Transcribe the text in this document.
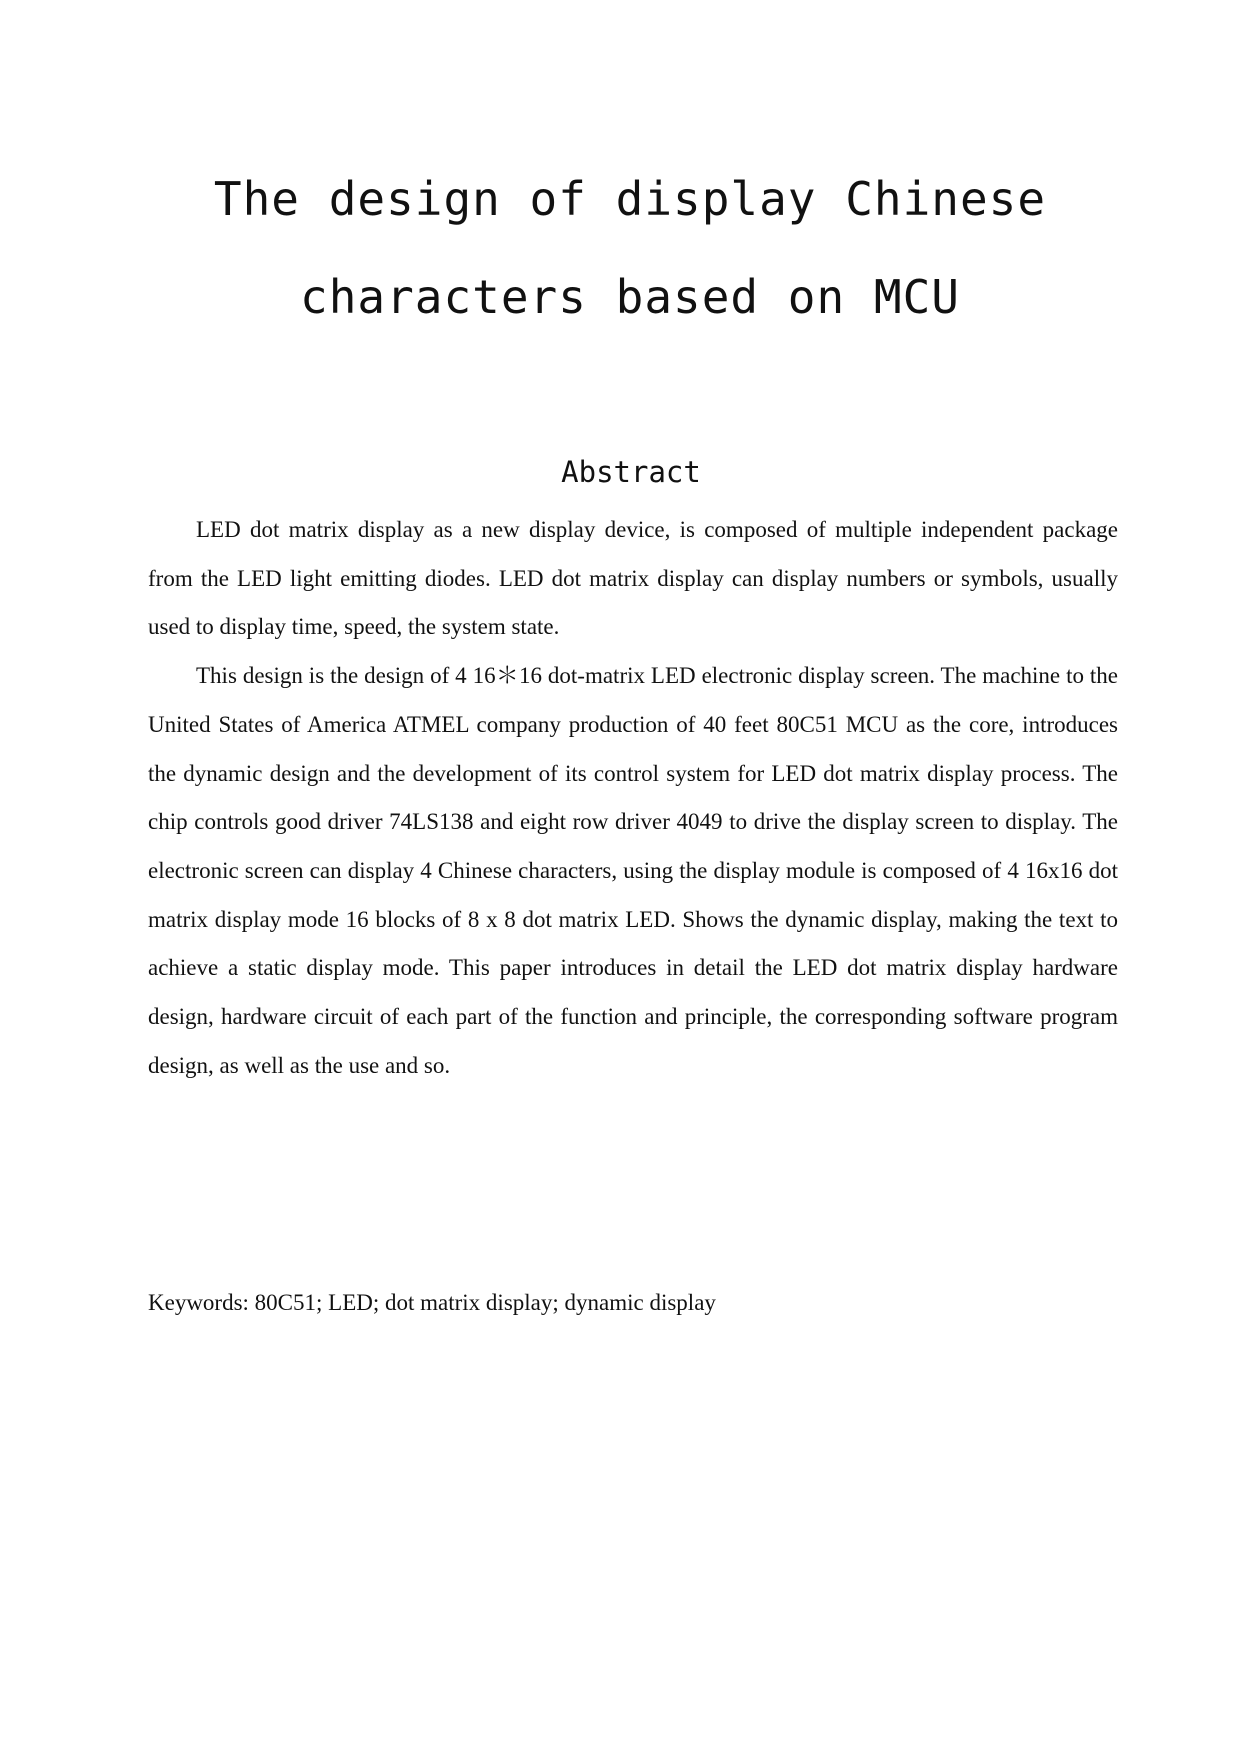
The design of display Chinese
characters based on MCU
Abstract

LED dot matrix display as a new display device, is composed of multiple independent package from the LED light emitting diodes. LED dot matrix display can display numbers or symbols, usually used to display time, speed, the system state.

This design is the design of 4 16＊16 dot-matrix LED electronic display screen. The machine to the United States of America ATMEL company production of 40 feet 80C51 MCU as the core, introduces the dynamic design and the development of its control system for LED dot matrix display process. The chip controls good driver 74LS138 and eight row driver 4049 to drive the display screen to display. The electronic screen can display 4 Chinese characters, using the display module is composed of 4 16x16 dot matrix display mode 16 blocks of 8 x 8 dot matrix LED. Shows the dynamic display, making the text to achieve a static display mode. This paper introduces in detail the LED dot matrix display hardware design, hardware circuit of each part of the function and principle, the corresponding software program design, as well as the use and so.

Keywords: 80C51; LED; dot matrix display; dynamic display
